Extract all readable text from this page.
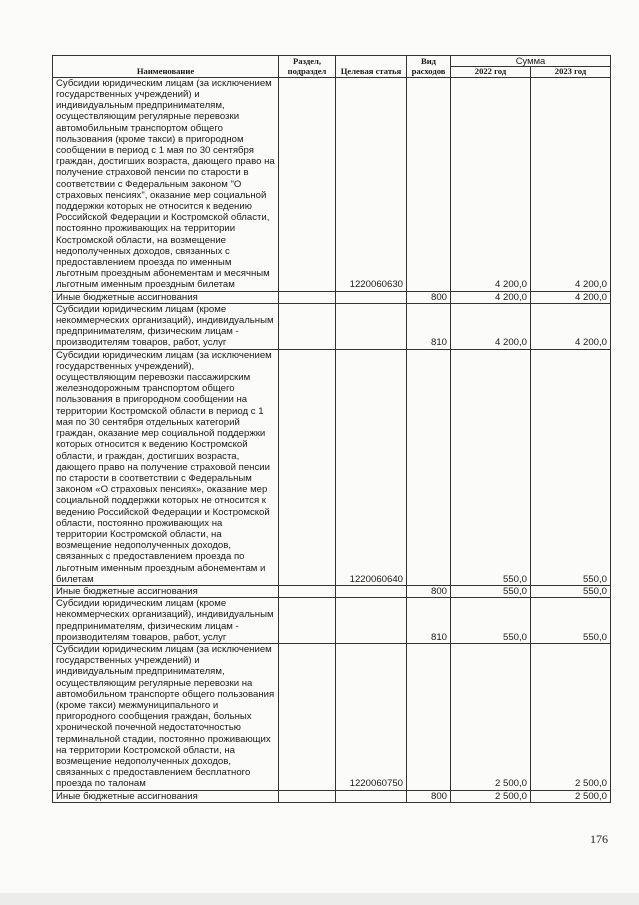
Наименование	Раздел, подраздел	Целевая статья	Вид расходов	Сумма	
				2022 год	2023 год
Субсидии юридическим лицам (за исключением государственных учреждений) и индивидуальным предпринимателям, осуществляющим регулярные перевозки автомобильным транспортом общего пользования (кроме такси) в пригородном сообщении в период с 1 мая по 30 сентября граждан, достигших возраста, дающего право на получение страховой пенсии по старости в соответствии с Федеральным законом "О страховых пенсиях", оказание мер социальной поддержки которых не относится к ведению Российской Федерации и Костромской области, постоянно проживающих на территории Костромской области, на возмещение недополученных доходов, связанных с предоставлением проезда по именным льготным проездным абонементам и месячным льготным именным проездным билетам		1220060630		4 200,0	4 200,0
Иные бюджетные ассигнования			800	4 200,0	4 200,0
Субсидии юридическим лицам (кроме некоммерческих организаций), индивидуальным предпринимателям, физическим лицам - производителям товаров, работ, услуг			810	4 200,0	4 200,0
Субсидии юридическим лицам (за исключением государственных учреждений), осуществляющим перевозки пассажирским железнодорожным транспортом общего пользования в пригородном сообщении на территории Костромской области в период с 1 мая по 30 сентября отдельных категорий граждан, оказание мер социальной поддержки которых относится к ведению Костромской области, и граждан, достигших возраста, дающего право на получение страховой пенсии по старости в соответствии с Федеральным законом «О страховых пенсиях», оказание мер социальной поддержки которых не относится к ведению Российской Федерации и Костромской области, постоянно проживающих на территории Костромской области, на возмещение недополученных доходов, связанных с предоставлением проезда по льготным именным проездным абонементам и билетам		1220060640		550,0	550,0
Иные бюджетные ассигнования			800	550,0	550,0
Субсидии юридическим лицам (кроме некоммерческих организаций), индивидуальным предпринимателям, физическим лицам - производителям товаров, работ, услуг			810	550,0	550,0
Субсидии юридическим лицам (за исключением государственных учреждений) и индивидуальным предпринимателям, осуществляющим регулярные перевозки на автомобильном транспорте общего пользования (кроме такси) межмуниципального и пригородного сообщения граждан, больных хронической почечной недостаточностью терминальной стадии, постоянно проживающих на территории Костромской области, на возмещение недополученных доходов, связанных с предоставлением бесплатного проезда по талонам		1220060750		2 500,0	2 500,0
Иные бюджетные ассигнования			800	2 500,0	2 500,0
176
